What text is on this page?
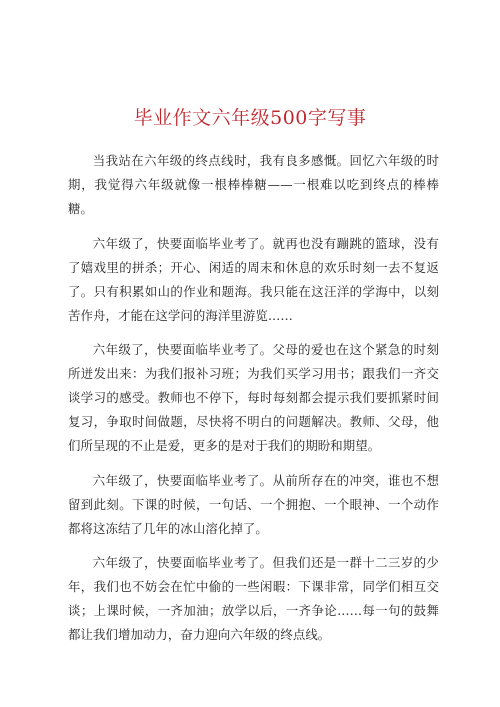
毕业作文六年级500字写事

当我站在六年级的终点线时，我有良多感慨。回忆六年级的时期，我觉得六年级就像一根棒棒糖——一根难以吃到终点的棒棒糖。

六年级了，快要面临毕业考了。就再也没有蹦跳的篮球，没有了嬉戏里的拼杀；开心、闲适的周末和休息的欢乐时刻一去不复返了。只有积累如山的作业和题海。我只能在这汪洋的学海中，以刻苦作舟，才能在这学问的海洋里游览……

六年级了，快要面临毕业考了。父母的爱也在这个紧急的时刻所迸发出来：为我们报补习班；为我们买学习用书；跟我们一齐交谈学习的感受。教师也不停下，每时每刻都会提示我们要抓紧时间复习，争取时间做题，尽快将不明白的问题解决。教师、父母，他们所呈现的不止是爱，更多的是对于我们的期盼和期望。

六年级了，快要面临毕业考了。从前所存在的冲突，谁也不想留到此刻。下课的时候，一句话、一个拥抱、一个眼神、一个动作都将这冻结了几年的冰山溶化掉了。

六年级了，快要面临毕业考了。但我们还是一群十二三岁的少年，我们也不妨会在忙中偷的一些闲暇：下课非常，同学们相互交谈；上课时候，一齐加油；放学以后，一齐争论……每一句的鼓舞都让我们增加动力，奋力迎向六年级的终点线。
